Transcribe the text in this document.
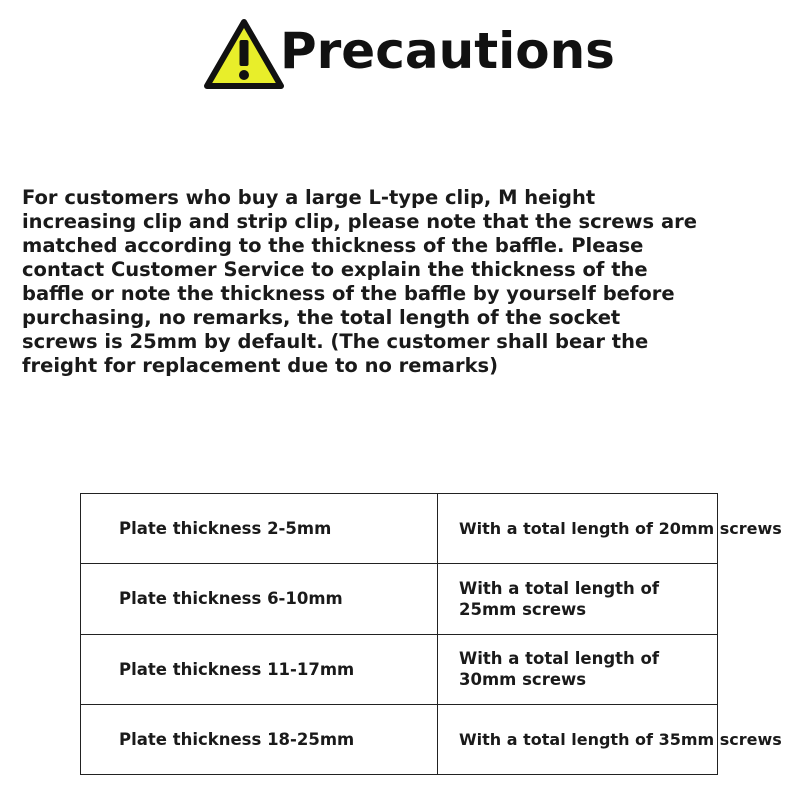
Precautions

For customers who buy a large L-type clip, M height increasing clip and strip clip, please note that the screws are matched according to the thickness of the baffle. Please contact Customer Service to explain the thickness of the baffle or note the thickness of the baffle by yourself before purchasing, no remarks, the total length of the socket screws is 25mm by default. (The customer shall bear the freight for replacement due to no remarks)

Plate thickness 2-5mm	With a total length of 20mm screws
Plate thickness 6-10mm	With a total length of 25mm screws
Plate thickness 11-17mm	With a total length of 30mm screws
Plate thickness 18-25mm	With a total length of 35mm screws
